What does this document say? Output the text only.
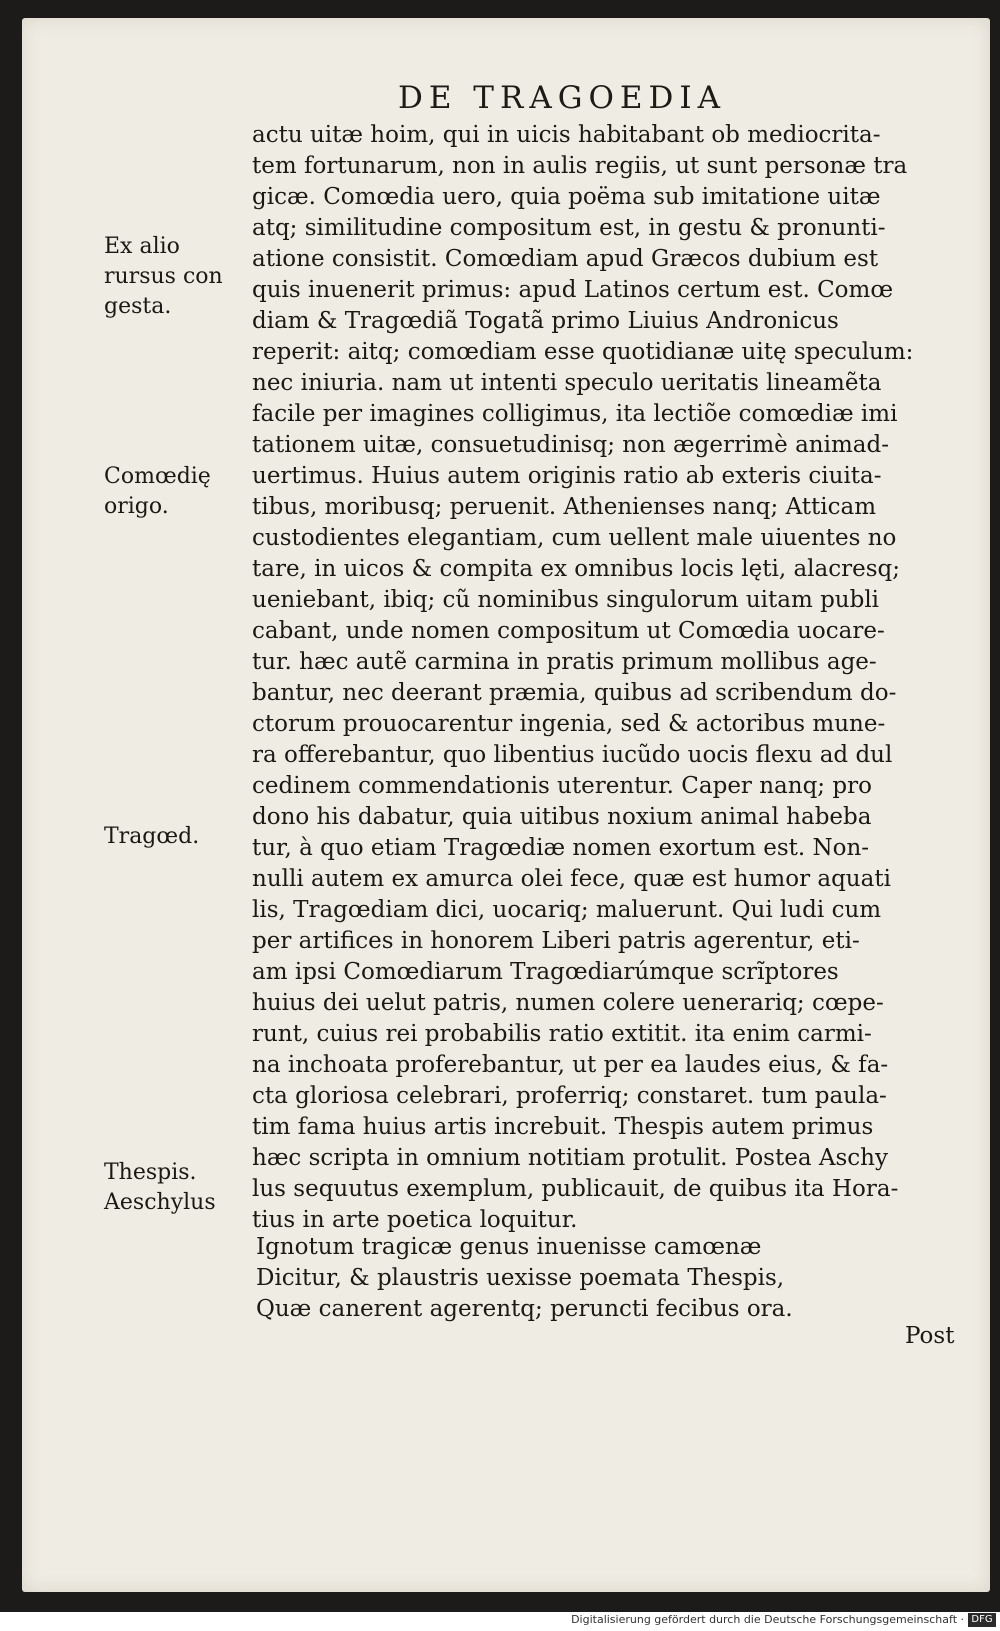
DE TRAGOEDIA
actu uitæ hoim, qui in uicis habitabant ob mediocrita-
tem fortunarum, non in aulis regiis, ut sunt personæ tra
gicæ. Comœdia uero, quia poëma sub imitatione uitæ
atq; similitudine compositum est, in gestu & pronunti-
atione consistit. Comœdiam apud Græcos dubium est
quis inuenerit primus: apud Latinos certum est. Comœ
diam & Tragœdiã Togatã primo Liuius Andronicus
reperit: aitq; comœdiam esse quotidianæ uitę speculum:
nec iniuria. nam ut intenti speculo ueritatis lineamẽta
facile per imagines colligimus, ita lectiõe comœdiæ imi
tationem uitæ, consuetudinisq; non ægerrimè animad-
uertimus. Huius autem originis ratio ab exteris ciuita-
tibus, moribusq; peruenit. Athenienses nanq; Atticam
custodientes elegantiam, cum uellent male uiuentes no
tare, in uicos & compita ex omnibus locis lęti, alacresq;
ueniebant, ibiq; cũ nominibus singulorum uitam publi
cabant, unde nomen compositum ut Comœdia uocare-
tur. hæc autẽ carmina in pratis primum mollibus age-
bantur, nec deerant præmia, quibus ad scribendum do-
ctorum prouocarentur ingenia, sed & actoribus mune-
ra offerebantur, quo libentius iucũdo uocis flexu ad dul
cedinem commendationis uterentur. Caper nanq; pro
dono his dabatur, quia uitibus noxium animal habeba
tur, à quo etiam Tragœdiæ nomen exortum est. Non-
nulli autem ex amurca olei fece, quæ est humor aquati
lis, Tragœdiam dici, uocariq; maluerunt. Qui ludi cum
per artifices in honorem Liberi patris agerentur, eti-
am ipsi Comœdiarum Tragœdiarúmque scrĩptores
huius dei uelut patris, numen colere uenerariq; cœpe-
runt, cuius rei probabilis ratio extitit. ita enim carmi-
na inchoata proferebantur, ut per ea laudes eius, & fa-
cta gloriosa celebrari, proferriq; constaret. tum paula-
tim fama huius artis increbuit. Thespis autem primus
hæc scripta in omnium notitiam protulit. Postea Aschy
lus sequutus exemplum, publicauit, de quibus ita Hora-
tius in arte poetica loquitur.
Ignotum tragicæ genus inuenisse camœnæ
Dicitur, & plaustris uexisse poemata Thespis,
Quæ canerent agerentq; peruncti fecibus ora.
Ex alio
rursus con
gesta.
Comœdię
origo.
Tragœd.
Thespis.
Aeschylus
Post
Digitalisierung gefördert durch die Deutsche Forschungsgemeinschaft · DFG
